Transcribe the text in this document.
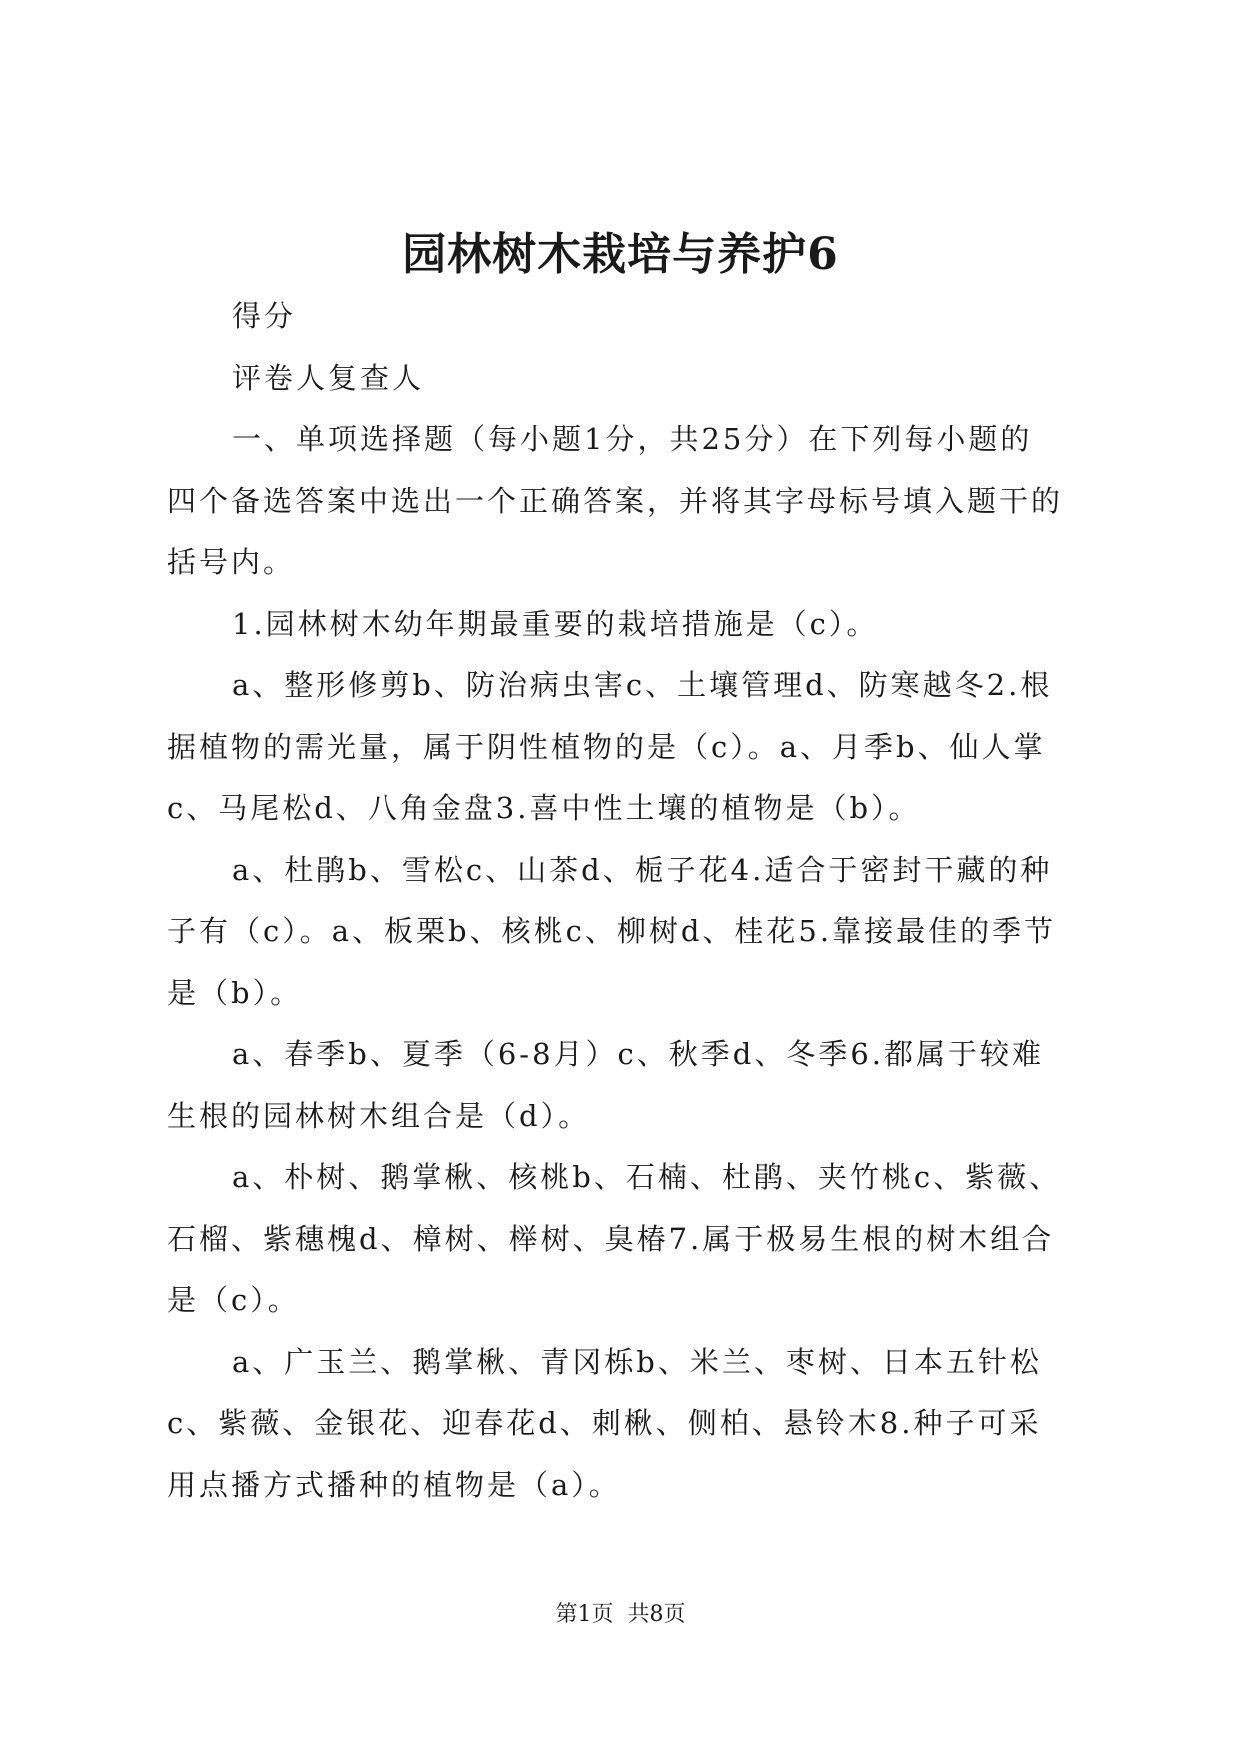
园林树木栽培与养护6
得分
评卷人复查人
一、单项选择题（每小题1分，共25分）在下列每小题的
四个备选答案中选出一个正确答案，并将其字母标号填入题干的
括号内。
1.园林树木幼年期最重要的栽培措施是（c）。
a、整形修剪b、防治病虫害c、土壤管理d、防寒越冬2.根
据植物的需光量，属于阴性植物的是（c）。a、月季b、仙人掌
c、马尾松d、八角金盘3.喜中性土壤的植物是（b）。
a、杜鹃b、雪松c、山茶d、栀子花4.适合于密封干藏的种
子有（c）。a、板栗b、核桃c、柳树d、桂花5.靠接最佳的季节
是（b）。
a、春季b、夏季（6-8月）c、秋季d、冬季6.都属于较难
生根的园林树木组合是（d）。
a、朴树、鹅掌楸、核桃b、石楠、杜鹃、夹竹桃c、紫薇、
石榴、紫穗槐d、樟树、榉树、臭椿7.属于极易生根的树木组合
是（c）。
a、广玉兰、鹅掌楸、青冈栎b、米兰、枣树、日本五针松
c、紫薇、金银花、迎春花d、刺楸、侧柏、悬铃木8.种子可采
用点播方式播种的植物是（a）。
第1页 共8页
